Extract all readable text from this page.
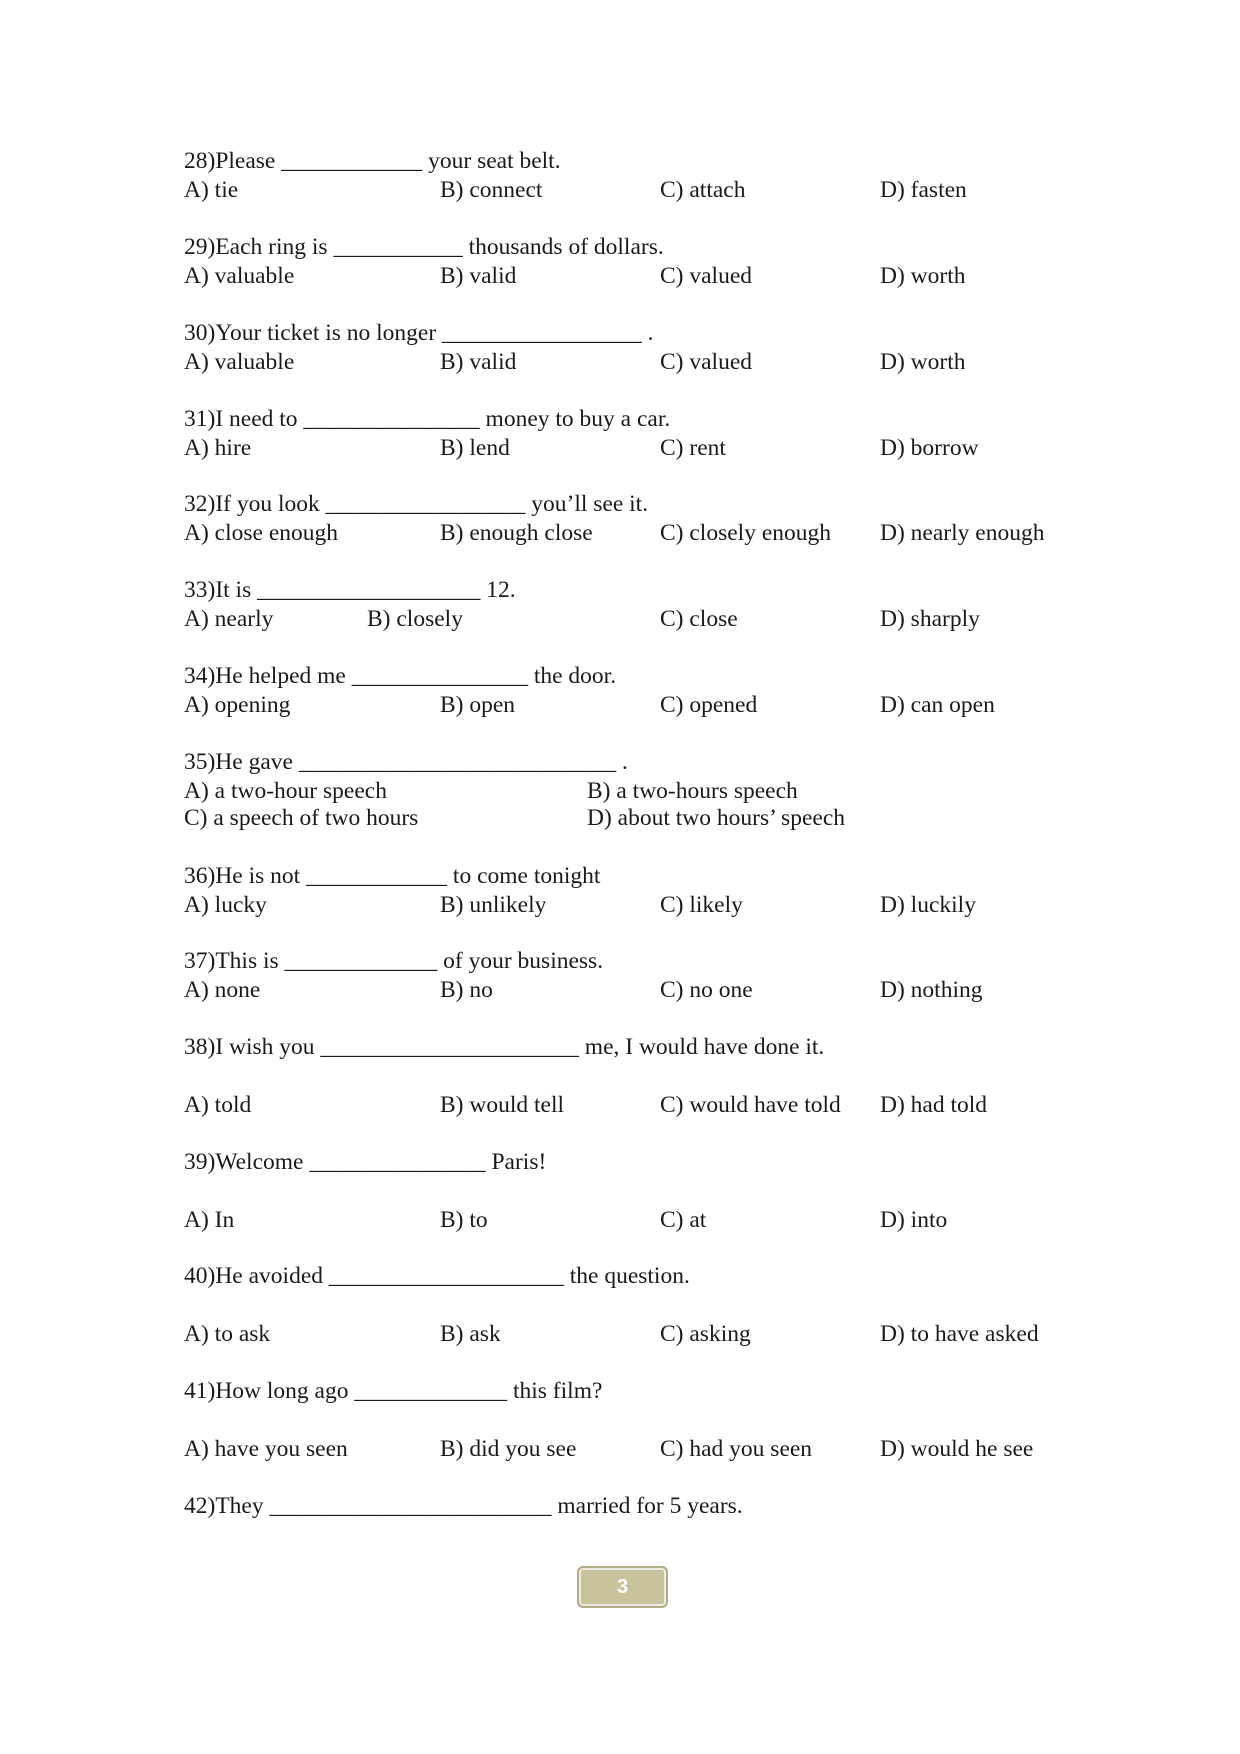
28)Please ____________ your seat belt.
A) tie	B) connect	C) attach	D) fasten
29)Each ring is ___________ thousands of dollars.
A) valuable	B) valid	C) valued	D) worth
30)Your ticket is no longer _________________ .
A) valuable	B) valid	C) valued	D) worth
31)I need to _______________ money to buy a car.
A) hire	B) lend	C) rent	D) borrow
32)If you look _________________ you’ll see it.
A) close enough	B) enough close	C) closely enough D) nearly enough
33)It is ___________________ 12.
A) nearly	B) closely	C) close	D) sharply
34)He helped me _______________ the door.
A) opening	B) open	C) opened	D) can open
35)He gave ___________________________ .
A) a two-hour speech	B) a two-hours speech
C) a speech of two hours	D) about two hours’ speech
36)He is not ____________ to come tonight
A) lucky	B) unlikely	C) likely	D) luckily
37)This is _____________ of your business.
A) none	B) no	C) no one	D) nothing
38)I wish you ______________________ me, I would have done it.
A) told	B) would tell	C) would have told D) had told
39)Welcome _______________ Paris!
A) In	B) to	C) at	D) into
40)He avoided ____________________ the question.
A) to ask	B) ask	C) asking	D) to have asked
41)How long ago _____________ this film?
A) have you seen	B) did you see	C) had you seen	D) would he see
42)They ________________________ married for 5 years.
3
